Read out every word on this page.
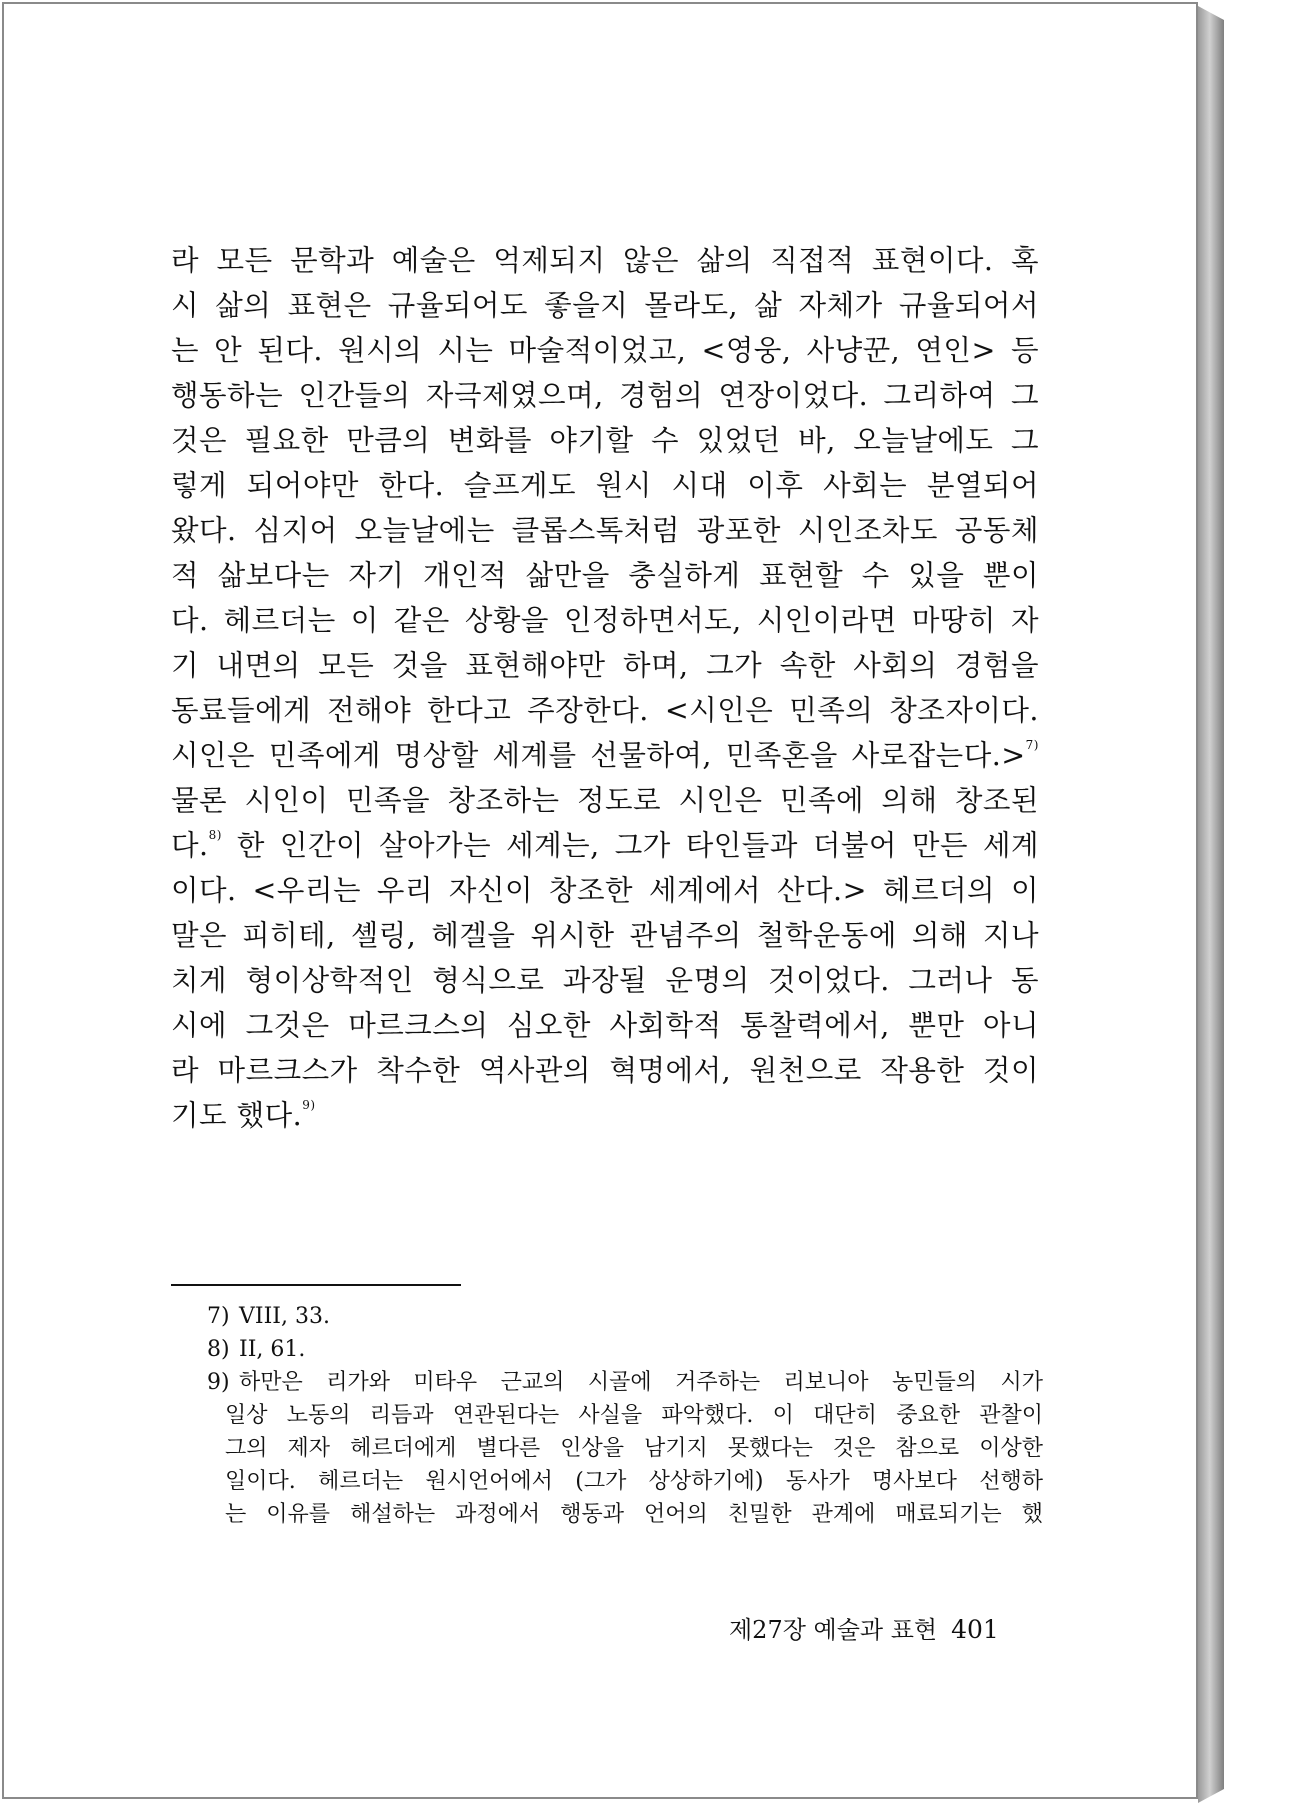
라 모든 문학과 예술은 억제되지 않은 삶의 직접적 표현이다. 혹
시 삶의 표현은 규율되어도 좋을지 몰라도, 삶 자체가 규율되어서
는 안 된다. 원시의 시는 마술적이었고, <영웅, 사냥꾼, 연인> 등
행동하는 인간들의 자극제였으며, 경험의 연장이었다. 그리하여 그
것은 필요한 만큼의 변화를 야기할 수 있었던 바, 오늘날에도 그
렇게 되어야만 한다. 슬프게도 원시 시대 이후 사회는 분열되어
왔다. 심지어 오늘날에는 클롭스톡처럼 광포한 시인조차도 공동체
적 삶보다는 자기 개인적 삶만을 충실하게 표현할 수 있을 뿐이
다. 헤르더는 이 같은 상황을 인정하면서도, 시인이라면 마땅히 자
기 내면의 모든 것을 표현해야만 하며, 그가 속한 사회의 경험을
동료들에게 전해야 한다고 주장한다. <시인은 민족의 창조자이다.
시인은 민족에게 명상할 세계를 선물하여, 민족혼을 사로잡는다.>$^{7)}$
물론 시인이 민족을 창조하는 정도로 시인은 민족에 의해 창조된
다.$^{8)}$ 한 인간이 살아가는 세계는, 그가 타인들과 더불어 만든 세계
이다. <우리는 우리 자신이 창조한 세계에서 산다.> 헤르더의 이
말은 피히테, 셸링, 헤겔을 위시한 관념주의 철학운동에 의해 지나
치게 형이상학적인 형식으로 과장될 운명의 것이었다. 그러나 동
시에 그것은 마르크스의 심오한 사회학적 통찰력에서, 뿐만 아니
라 마르크스가 착수한 역사관의 혁명에서, 원천으로 작용한 것이
기도 했다.$^{9)}$
7) VIII, 33.
8) II, 61.
9) 하만은 리가와 미타우 근교의 시골에 거주하는 리보니아 농민들의 시가
일상 노동의 리듬과 연관된다는 사실을 파악했다. 이 대단히 중요한 관찰이
그의 제자 헤르더에게 별다른 인상을 남기지 못했다는 것은 참으로 이상한
일이다. 헤르더는 원시언어에서 (그가 상상하기에) 동사가 명사보다 선행하
는 이유를 해설하는 과정에서 행동과 언어의 친밀한 관계에 매료되기는 했
제27장 예술과 표현 401
